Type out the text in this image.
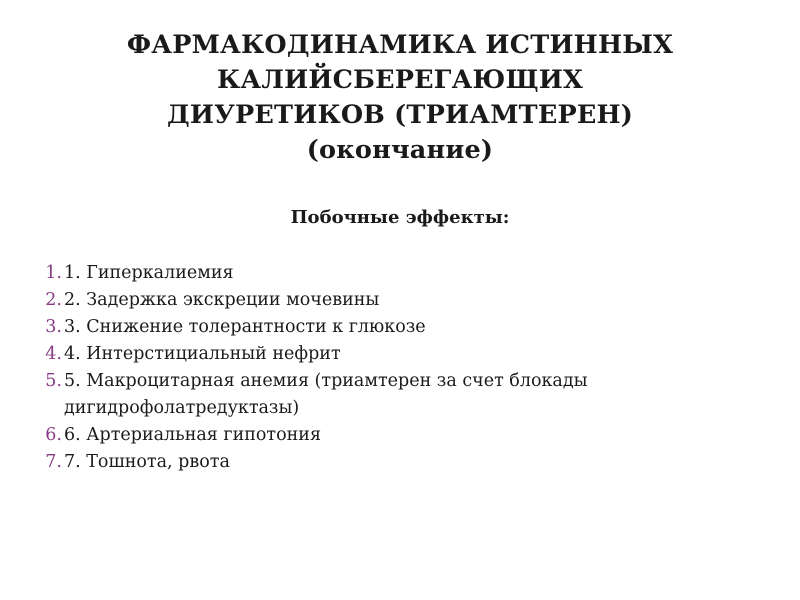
ФАРМАКОДИНАМИКА ИСТИННЫХ
КАЛИЙСБЕРЕГАЮЩИХ
ДИУРЕТИКОВ (ТРИАМТЕРЕН)
(окончание)
Побочные эффекты:
1. 1. Гиперкалиемия
2. 2. Задержка экскреции мочевины
3. 3. Снижение толерантности к глюкозе
4. 4. Интерстициальный нефрит
5. 5. Макроцитарная анемия (триамтерен за счет блокады
дигидрофолатредуктазы)
6. 6. Артериальная гипотония
7. 7. Тошнота, рвота
